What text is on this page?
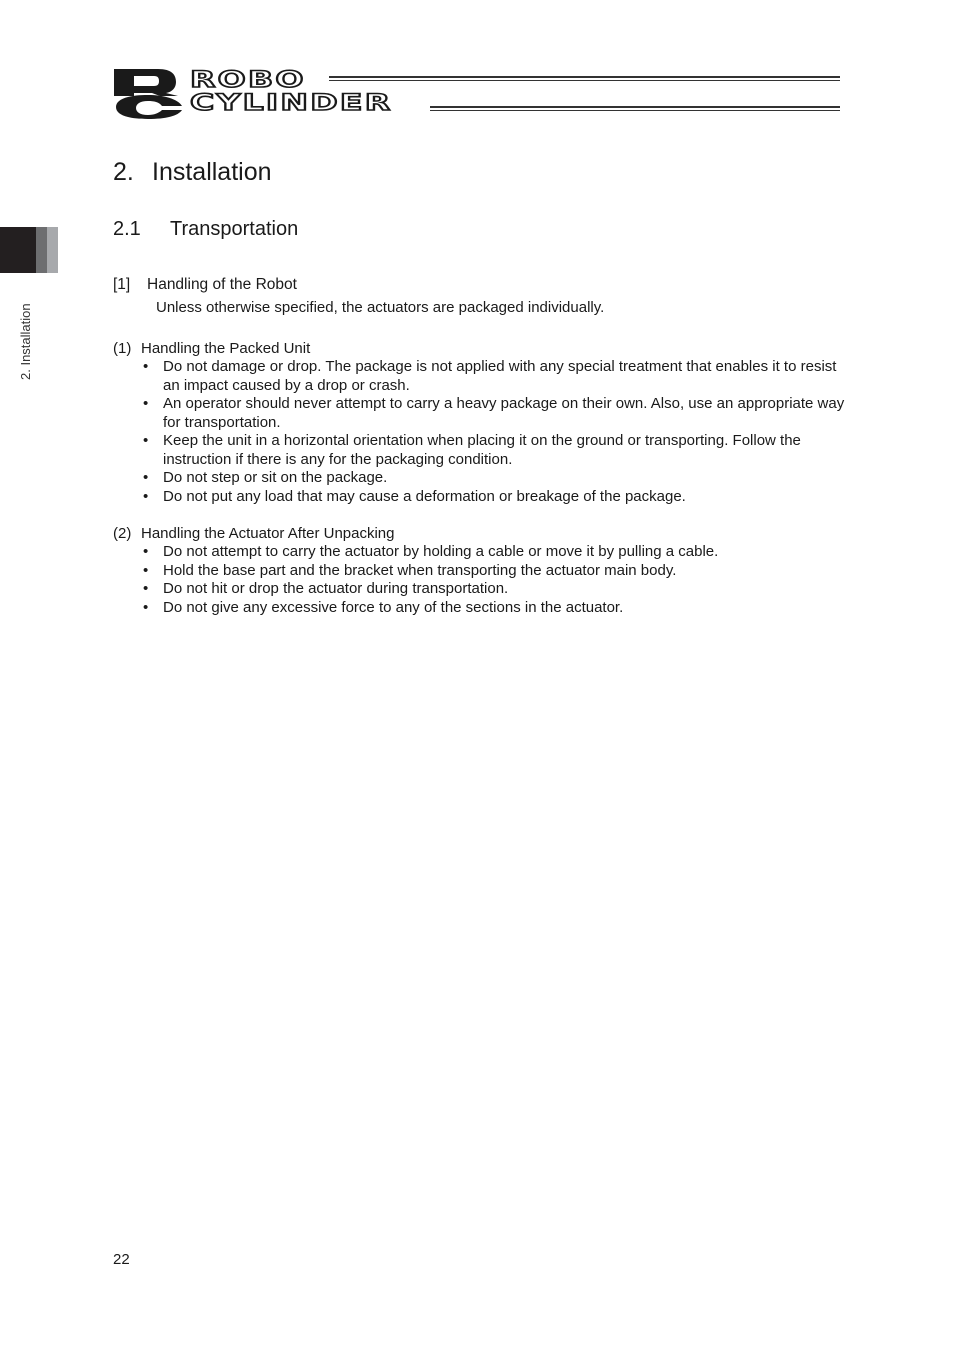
ROBO
CYLINDER
2. Installation
2. Installation
2.1 Transportation
[1] Handling of the Robot
Unless otherwise specified, the actuators are packaged individually.
(1) Handling the Packed Unit
• Do not damage or drop. The package is not applied with any special treatment that enables it to resist an impact caused by a drop or crash.
• An operator should never attempt to carry a heavy package on their own. Also, use an appropriate way for transportation.
• Keep the unit in a horizontal orientation when placing it on the ground or transporting. Follow the instruction if there is any for the packaging condition.
• Do not step or sit on the package.
• Do not put any load that may cause a deformation or breakage of the package.
(2) Handling the Actuator After Unpacking
• Do not attempt to carry the actuator by holding a cable or move it by pulling a cable.
• Hold the base part and the bracket when transporting the actuator main body.
• Do not hit or drop the actuator during transportation.
• Do not give any excessive force to any of the sections in the actuator.
22
